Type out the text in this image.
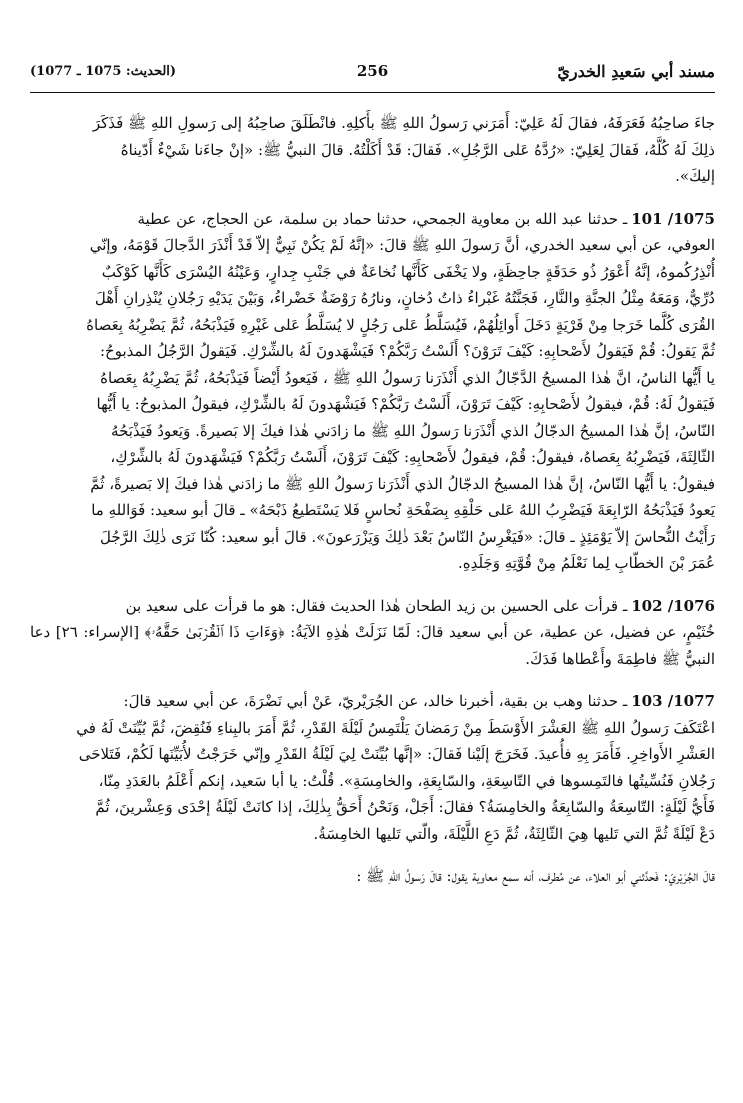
مسند أبي سَعيدِ الخدريّ
256
(الحديث: 1075 ـ 1077)
جاءَ صاحِبُهُ فَعَرَفَهُ، فقالَ لَهُ عَلِيّ: أَمَرَني رَسولُ اللهِ ﷺ بأَكلِهِ. فانْطَلَقَ صاحِبُهُ إلى رَسولِ اللهِ ﷺ فَذَكَرَ
ذلِكَ لَهُ كُلَّهُ، فَقالَ لِعَلِيّ: «رُدَّهُ عَلى الرَّجُلِ». فَقالَ: قَدْ أَكَلْتُهُ. قالَ النبيُّ ﷺ: «إنْ جاءَنا شَيْءٌ أَدّيناهُ
إليكَ».
1075/ 101ـ حدثنا عبد الله بن معاوية الجمحي، حدثنا حماد بن سلمة، عن الحجاج، عن عطية
العوفي، عن أبي سعيد الخدري، أنَّ رَسولَ اللهِ ﷺ قالَ: «إنَّهُ لَمْ يَكُنْ نَبِيٌّ إلاّ قَدْ أَنْذَرَ الدَّجالَ قَوْمَهُ، وإنّي
أُنْذِرُكُموهُ، إنَّهُ أَعْوَرُ ذُو حَدَقَةٍ جاحِظَةٍ، ولا يَخْفَى كَأَنَّها نُخاعَةٌ في جَنْبِ جِدارٍ، وَعَيْنُهُ اليُسْرَى كَأَنَّها كَوْكَبٌ
دُرِّيٌّ، وَمَعَهُ مِثْلُ الجنَّةِ والنَّارِ، فَجَنَّتُهُ غَبْراءُ ذاتُ دُخانٍ، ونارُهُ رَوْضَةٌ خَضْراءُ، وَبَيْنَ يَدَيْهِ رَجُلانِ يُنْذِرانِ أَهْلَ
القُرَى كُلَّما خَرَجا مِنْ قَرْيَةٍ دَخَلَ أَوائِلُهُمْ، فَيُسَلَّطُ عَلى رَجُلٍ لا يُسَلَّطُ عَلى غَيْرِهِ فَيَذْبَحُهُ، ثُمَّ يَضْرِبُهُ بِعَصاهُ
ثُمَّ يَقولُ: قُمْ فَيَقولُ لأَصْحابِهِ: كَيْفَ تَرَوْنَ؟ أَلَسْتُ رَبَّكُمْ؟ فَيَشْهَدونَ لَهُ بالشِّرْكِ. فَيَقولُ الرَّجُلُ المذبوحُ:
يا أَيُّها الناسُ، انَّ هٰذا المسيحُ الدَّجّالُ الذي أَنْذَرَنا رَسولُ اللهِ ﷺ ، فَيَعودُ أَيْضاً فَيَذْبَحُهُ، ثُمَّ يَضْرِبُهُ بِعَصاهُ
فَيَقولُ لَهُ: قُمْ، فيقولُ لأَصْحابِهِ: كَيْفَ تَرَوْنَ، أَلَسْتُ رَبَّكُمْ؟ فَيَشْهَدونَ لَهُ بالشِّرْكِ، فيقولُ المذبوحُ: يا أَيُّها
النّاسُ، إنَّ هٰذا المسيحُ الدجّالُ الذي أَنْذَرَنا رَسولُ اللهِ ﷺ ما زادَني هٰذا فيكَ إلا بَصيرةً. وَيَعودُ فَيَذْبَحُهُ
الثّالِثَةَ، فَيَضْرِبُهُ بِعَصاهُ، فيقولُ: قُمْ، فيقولُ لأَصْحابِهِ: كَيْفَ تَرَوْنَ، أَلَسْتُ رَبَّكُمْ؟ فَيَشْهَدونَ لَهُ بالشِّرْكِ،
فيقولُ: يا أَيُّها النّاسُ، إنَّ هٰذا المسيحُ الدجّالُ الذي أَنْذَرَنا رَسولُ اللهِ ﷺ ما زادَني هٰذا فيكَ إلا بَصيرةً، ثُمَّ
يَعودُ فَيَذْبَحُهُ الرّابِعَةَ فَيَضْرِبُ اللهُ عَلى حَلْقِهِ بِصَفْحَةِ نُحاسٍ فَلا يَسْتَطيعُ ذَبْحَهُ» ـ قالَ أبو سعيد: فَوَاللهِ ما
رَأَيْتُ النُّحاسَ إلاّ يَوْمَئِذٍ ـ قالَ: «فَيَغْرِسُ النّاسُ بَعْدَ ذٰلِكَ وَيَزْرَعونَ». قالَ أبو سعيد: كُنّا نَرَى ذٰلِكَ الرَّجُلَ
عُمَرَ بْنَ الخطّابِ لِما نَعْلَمُ مِنْ قُوَّتِهِ وَجَلَدِهِ.
1076/ 102ـ قرأت على الحسين بن زيد الطحان هٰذا الحديث فقال: هو ما قرأت على سعيد بن
خُثَيْمٍ، عن فضيل، عن عطية، عن أبي سعيد قالَ: لَمّا نَزَلَتْ هٰذِهِ الآيَةُ: ﴿وَءَاتِ ذَا ٱلۡقُرۡبَىٰ حَقَّهُۥ﴾ [الإسراء: ٢٦] دعا النبيُّ ﷺ فاطِمَةَ وأَعْطاها فَدَكَ.
1077/ 103ـ حدثنا وهب بن بقية، أخبرنا خالد، عن الجُرَيْريّ، عَنْ أبي نَضْرَةَ، عن أبي سعيد قالَ:
اعْتَكَفَ رَسولُ اللهِ ﷺ العَشْرَ الأَوْسَطَ مِنْ رَمَضانَ يَلْتَمِسُ لَيْلَةَ القَدْرِ، ثُمَّ أَمَرَ بالبِناءِ فَنُقِضَ، ثُمَّ بُيِّنَتْ لَهُ في
العَشْرِ الأَواخِرِ. فَأَمَرَ بِهِ فأُعيدَ. فَخَرَجَ إلَيْنا فَقالَ: «إنَّها بُيِّنَتْ لِيَ لَيْلَةُ القَدْرِ وإنّي خَرَجْتُ لأُبَيِّنَها لَكُمْ، فَتَلاحَى
رَجُلانِ فَنُسِّيتُها فالتَمِسوها في التّاسِعَةِ، والسّابِعَةِ، والخامِسَةِ». قُلْتُ: يا أبا سَعيد، إنكم أَعْلَمُ بالعَدَدِ مِنّا،
فَأَيُّ لَيْلَةٍ: التّاسِعَةُ والسّابِعَةُ والخامِسَةُ؟ فقالَ: أَجَلْ، وَنَحْنُ أَحَقُّ بِذٰلِكَ، إذا كانَتْ لَيْلَةُ إحْدَى وَعِشْرينَ، ثُمَّ
دَعْ لَيْلَةً ثُمَّ التي تَليها هِيَ الثّالِثَةُ، ثُمَّ دَعِ اللَّيْلَةَ، والّتي تَليها الخامِسَةُ.
قالَ الجُرَيْريّ: فَحدَّثني أبو العلاء، عن مُطرف، أنه سمع معاوية يقول: قالَ رَسولُ اللهِ ﷺ :
